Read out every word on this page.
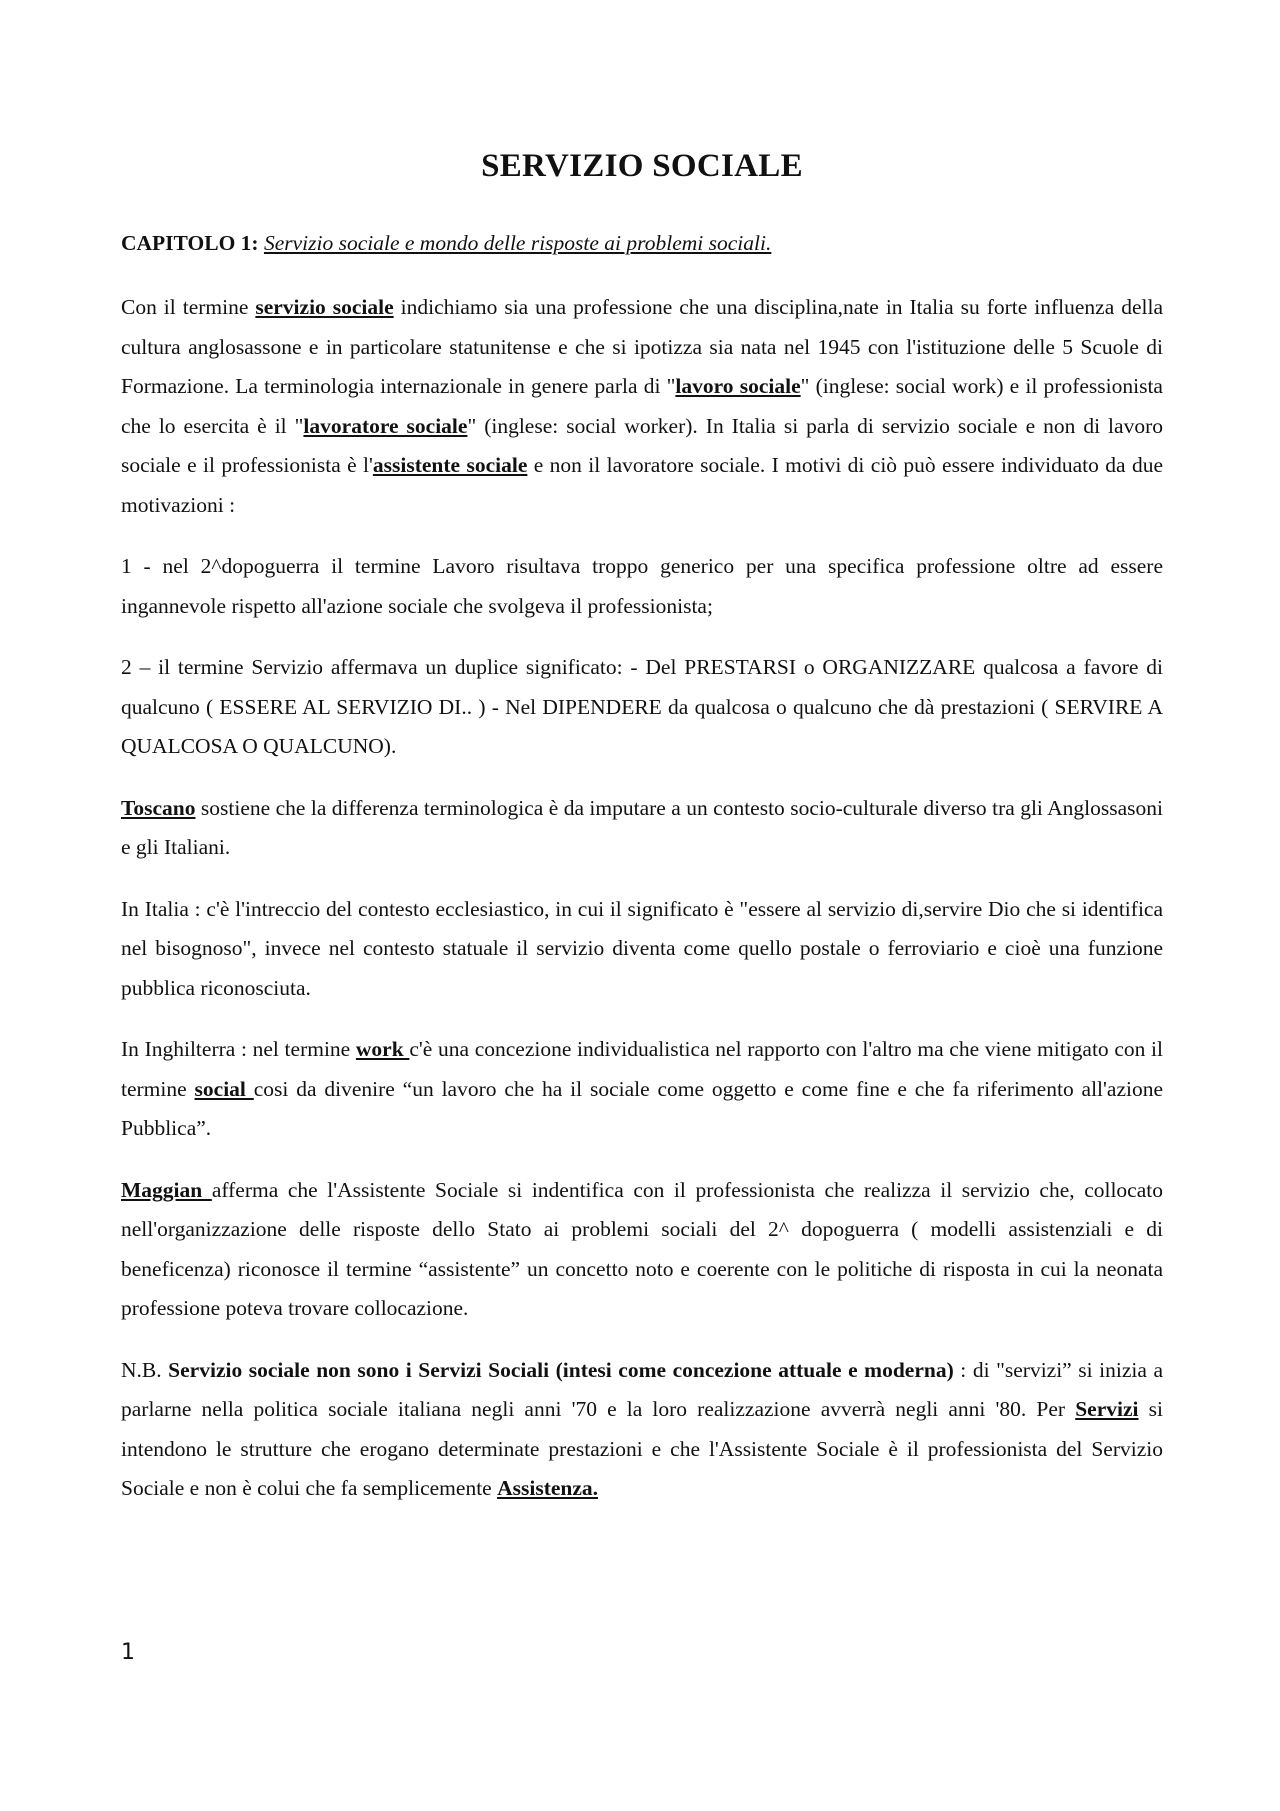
SERVIZIO SOCIALE

CAPITOLO 1: Servizio sociale e mondo delle risposte ai problemi sociali.

Con il termine servizio sociale indichiamo sia una professione che una disciplina,nate in Italia su forte influenza della cultura anglosassone e in particolare statunitense e che si ipotizza sia nata nel 1945 con l'istituzione delle 5 Scuole di Formazione. La terminologia internazionale in genere parla di "lavoro sociale" (inglese: social work) e il professionista che lo esercita è il "lavoratore sociale" (inglese: social worker). In Italia si parla di servizio sociale e non di lavoro sociale e il professionista è l'assistente sociale e non il lavoratore sociale. I motivi di ciò può essere individuato da due motivazioni :

1 - nel 2^dopoguerra il termine Lavoro risultava troppo generico per una specifica professione oltre ad essere ingannevole rispetto all'azione sociale che svolgeva il professionista;

2 – il termine Servizio affermava un duplice significato: - Del PRESTARSI o ORGANIZZARE qualcosa a favore di qualcuno ( ESSERE AL SERVIZIO DI.. ) - Nel DIPENDERE da qualcosa o qualcuno che dà prestazioni ( SERVIRE A QUALCOSA O QUALCUNO).

Toscano sostiene che la differenza terminologica è da imputare a un contesto socio-culturale diverso tra gli Anglossasoni e gli Italiani.

In Italia : c'è l'intreccio del contesto ecclesiastico, in cui il significato è "essere al servizio di,servire Dio che si identifica nel bisognoso", invece nel contesto statuale il servizio diventa come quello postale o ferroviario e cioè una funzione pubblica riconosciuta.

In Inghilterra : nel termine work c'è una concezione individualistica nel rapporto con l'altro ma che viene mitigato con il termine social cosi da divenire “un lavoro che ha il sociale come oggetto e come fine e che fa riferimento all'azione Pubblica”.

Maggian afferma che l'Assistente Sociale si indentifica con il professionista che realizza il servizio che, collocato nell'organizzazione delle risposte dello Stato ai problemi sociali del 2^ dopoguerra ( modelli assistenziali e di beneficenza) riconosce il termine “assistente” un concetto noto e coerente con le politiche di risposta in cui la neonata professione poteva trovare collocazione.

N.B. Servizio sociale non sono i Servizi Sociali (intesi come concezione attuale e moderna) : di "servizi” si inizia a parlarne nella politica sociale italiana negli anni '70 e la loro realizzazione avverrà negli anni '80. Per Servizi si intendono le strutture che erogano determinate prestazioni e che l'Assistente Sociale è il professionista del Servizio Sociale e non è colui che fa semplicemente Assistenza.

1
